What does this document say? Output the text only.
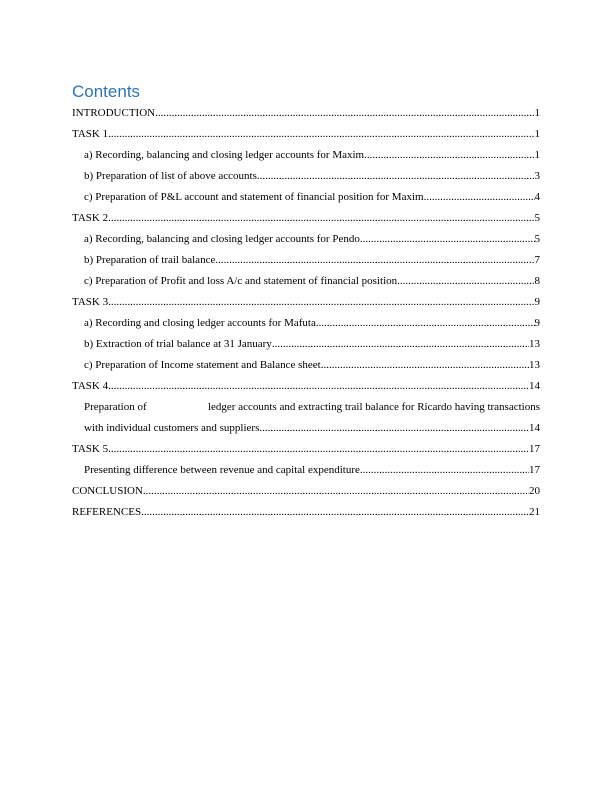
Contents
INTRODUCTION .....	1
TASK 1 .....	1
a) Recording, balancing and closing ledger accounts for Maxim .....	1
b) Preparation of list of above accounts .....	3
c) Preparation of P&L account and statement of financial position for Maxim .....	4
TASK 2 .....	5
a) Recording, balancing and closing ledger accounts for Pendo .....	5
b) Preparation of trail balance .....	7
c) Preparation of Profit and loss A/c and statement of financial position .....	8
TASK 3 .....	9
a) Recording and closing ledger accounts for Mafuta .....	9
b) Extraction of trial balance at 31 January .....	13
c) Preparation of Income statement and Balance sheet .....	13
TASK 4 .....	14
Preparation of	ledger accounts and extracting trail balance for Ricardo having transactions
with individual customers and suppliers .....	14
TASK 5 .....	17
Presenting difference between revenue and capital expenditure .....	17
CONCLUSION .....	20
REFERENCES .....	21
